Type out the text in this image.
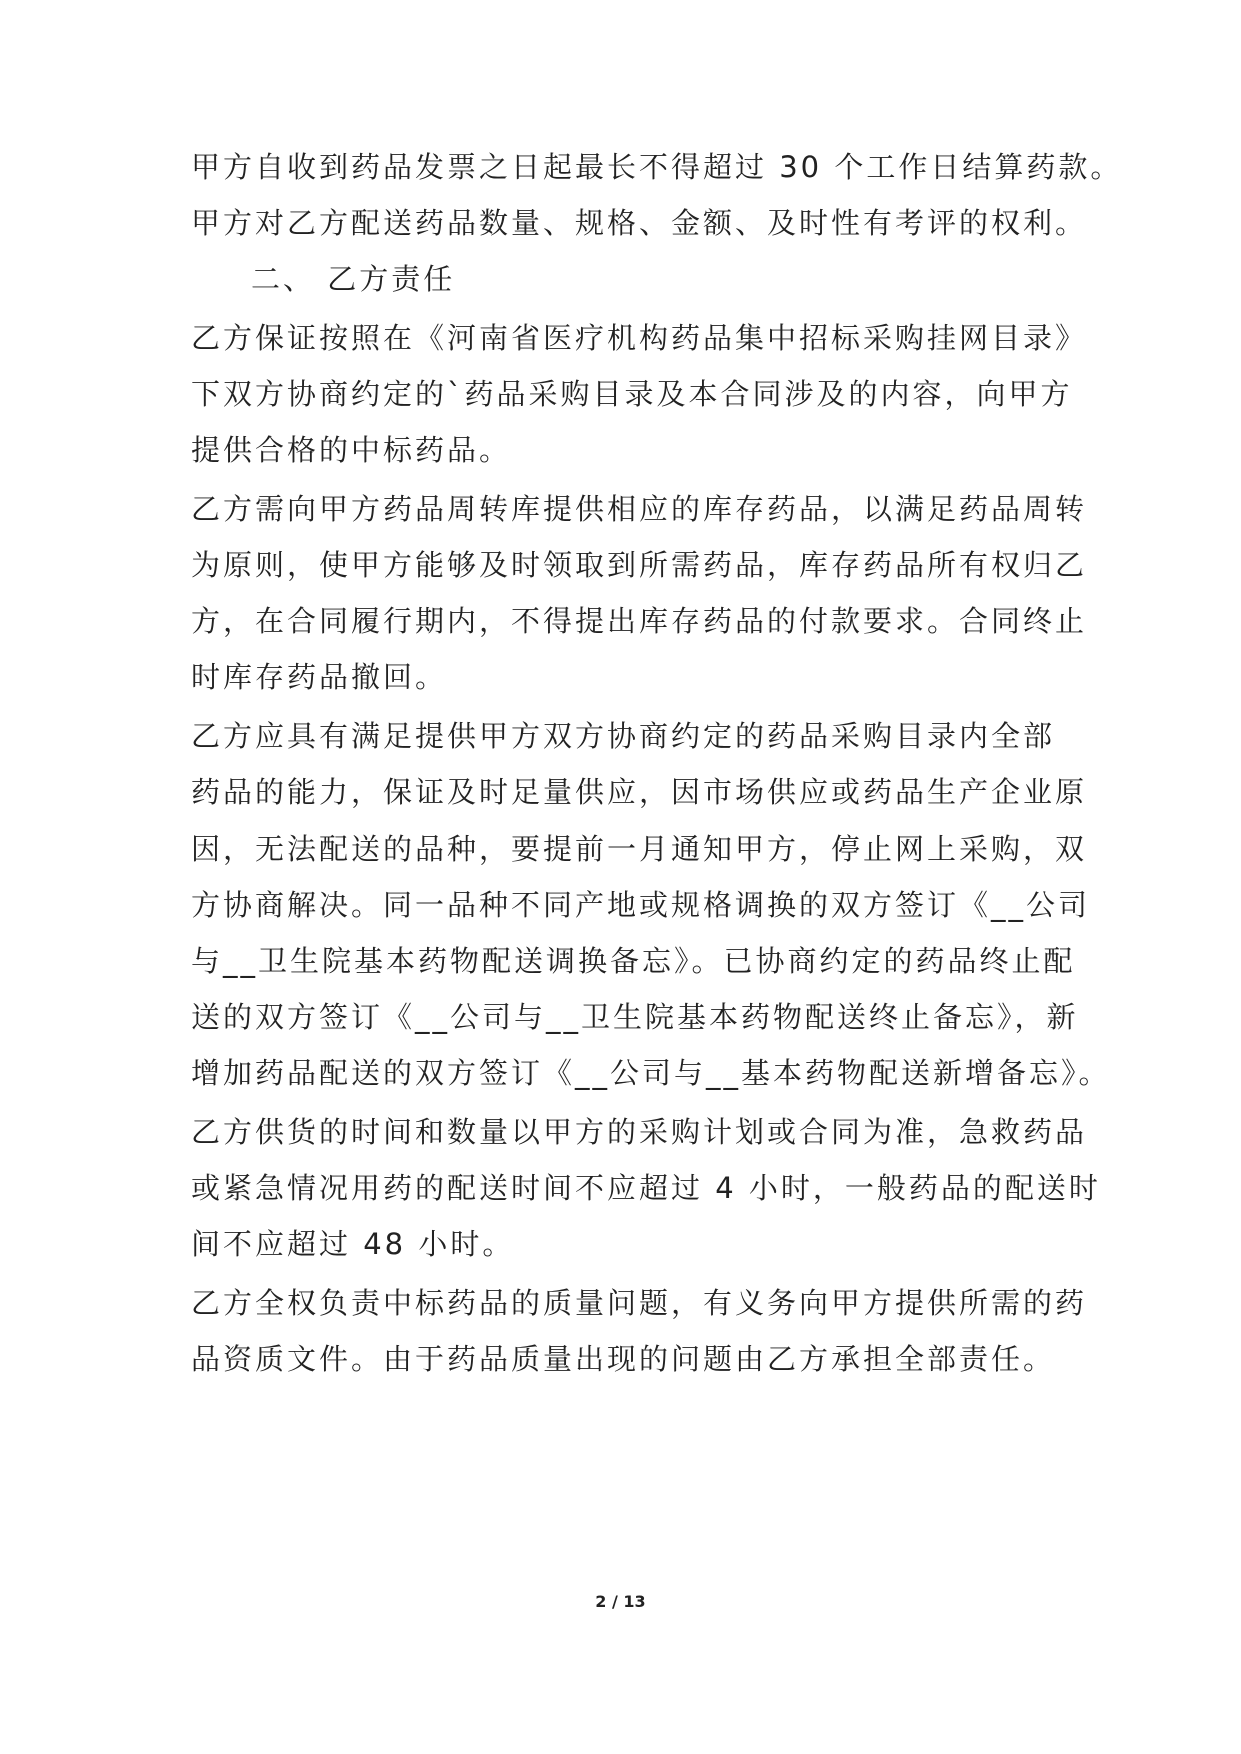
甲方自收到药品发票之日起最长不得超过 30 个工作日结算药款。
甲方对乙方配送药品数量、规格、金额、及时性有考评的权利。
二、 乙方责任
乙方保证按照在《河南省医疗机构药品集中招标采购挂网目录》
下双方协商约定的`药品采购目录及本合同涉及的内容，向甲方
提供合格的中标药品。
乙方需向甲方药品周转库提供相应的库存药品，以满足药品周转
为原则，使甲方能够及时领取到所需药品，库存药品所有权归乙
方，在合同履行期内，不得提出库存药品的付款要求。合同终止
时库存药品撤回。
乙方应具有满足提供甲方双方协商约定的药品采购目录内全部
药品的能力，保证及时足量供应，因市场供应或药品生产企业原
因，无法配送的品种，要提前一月通知甲方，停止网上采购，双
方协商解决。同一品种不同产地或规格调换的双方签订《__公司
与__卫生院基本药物配送调换备忘》。已协商约定的药品终止配
送的双方签订《__公司与__卫生院基本药物配送终止备忘》，新
增加药品配送的双方签订《__公司与__基本药物配送新增备忘》。
乙方供货的时间和数量以甲方的采购计划或合同为准，急救药品
或紧急情况用药的配送时间不应超过 4 小时，一般药品的配送时
间不应超过 48 小时。
乙方全权负责中标药品的质量问题，有义务向甲方提供所需的药
品资质文件。由于药品质量出现的问题由乙方承担全部责任。
2 / 13
